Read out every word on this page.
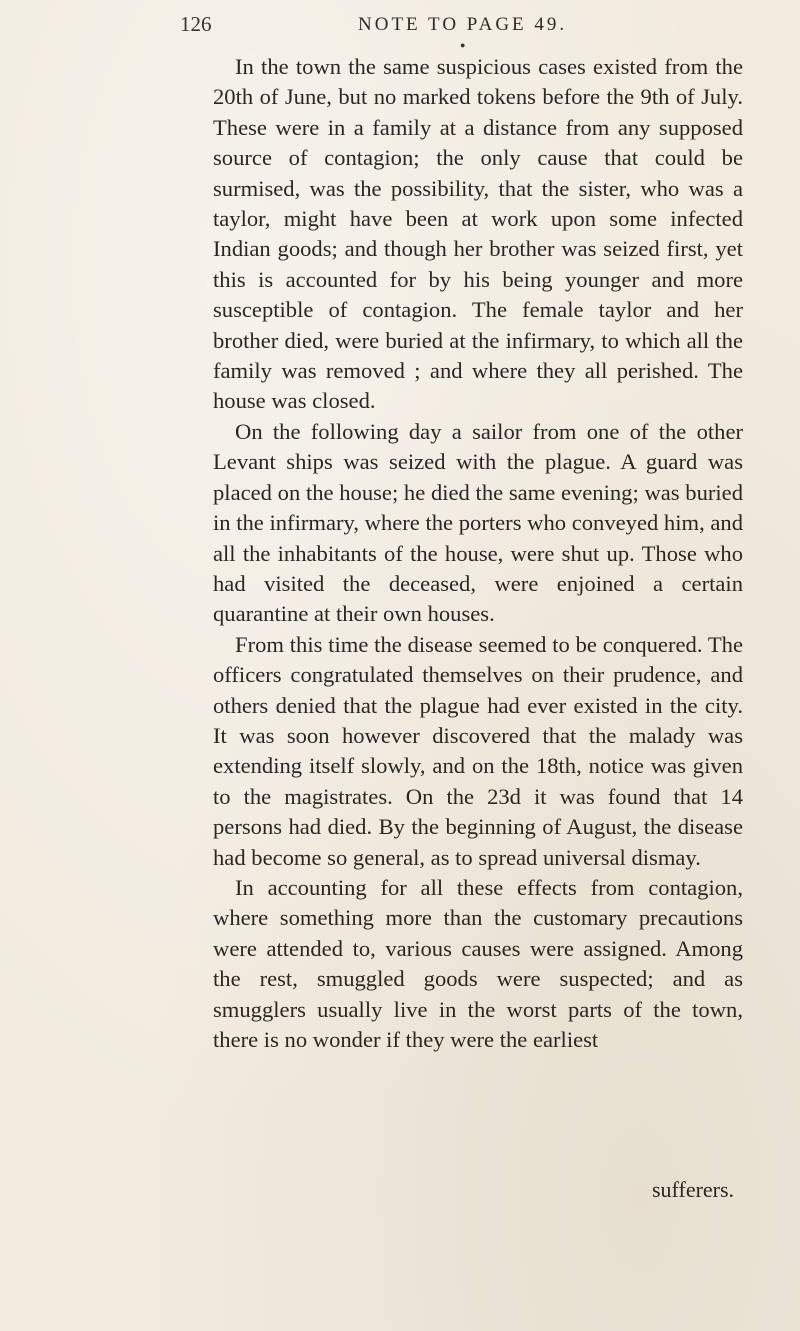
126	NOTE TO PAGE 49.
●

In the town the same suspicious cases existed from the 20th of June, but no marked tokens before the 9th of July. These were in a family at a distance from any supposed source of contagion; the only cause that could be surmised, was the possibility, that the sister, who was a taylor, might have been at work upon some infected Indian goods; and though her brother was seized first, yet this is accounted for by his being younger and more susceptible of contagion. The female taylor and her brother died, were buried at the infirmary, to which all the family was removed ; and where they all perished. The house was closed.

On the following day a sailor from one of the other Levant ships was seized with the plague. A guard was placed on the house; he died the same evening; was buried in the infirmary, where the porters who conveyed him, and all the inhabitants of the house, were shut up. Those who had visited the deceased, were enjoined a certain quarantine at their own houses.

From this time the disease seemed to be conquered. The officers congratulated themselves on their prudence, and others denied that the plague had ever existed in the city. It was soon however discovered that the malady was extending itself slowly, and on the 18th, notice was given to the magistrates. On the 23d it was found that 14 persons had died. By the beginning of August, the disease had become so general, as to spread universal dismay.

In accounting for all these effects from contagion, where something more than the customary precautions were attended to, various causes were assigned. Among the rest, smuggled goods were suspected; and as smugglers usually live in the worst parts of the town, there is no wonder if they were the earliest

sufferers.
